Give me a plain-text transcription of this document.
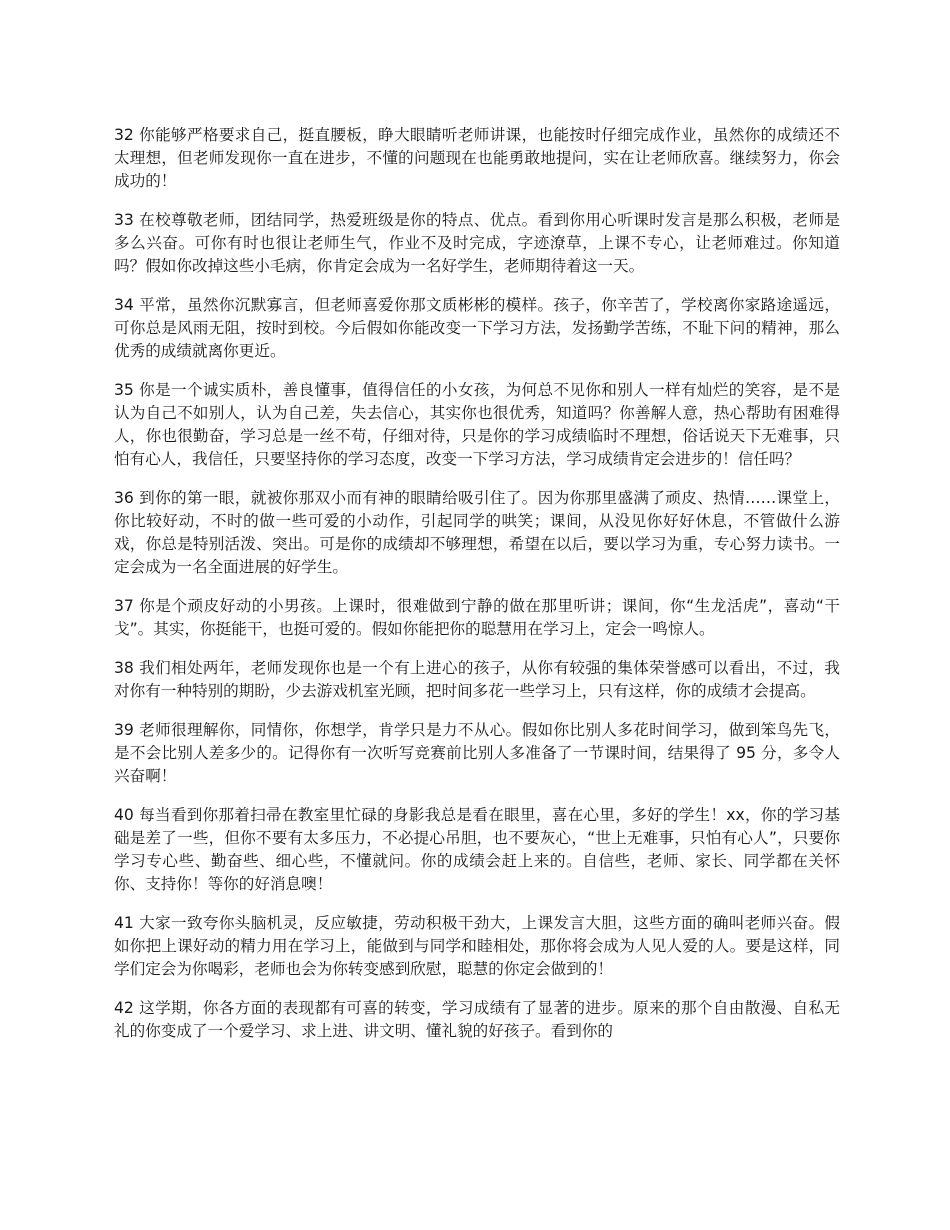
32 你能够严格要求自己，挺直腰板，睁大眼睛听老师讲课，也能按时仔细完成作业，虽然你的成绩还不太理想，但老师发现你一直在进步，不懂的问题现在也能勇敢地提问，实在让老师欣喜。继续努力，你会成功的！

33 在校尊敬老师，团结同学，热爱班级是你的特点、优点。看到你用心听课时发言是那么积极，老师是多么兴奋。可你有时也很让老师生气，作业不及时完成，字迹潦草，上课不专心，让老师难过。你知道吗？假如你改掉这些小毛病，你肯定会成为一名好学生，老师期待着这一天。

34 平常，虽然你沉默寡言，但老师喜爱你那文质彬彬的模样。孩子，你辛苦了，学校离你家路途遥远，可你总是风雨无阻，按时到校。今后假如你能改变一下学习方法，发扬勤学苦练，不耻下问的精神，那么优秀的成绩就离你更近。

35 你是一个诚实质朴，善良懂事，值得信任的小女孩，为何总不见你和别人一样有灿烂的笑容，是不是认为自己不如别人，认为自己差，失去信心，其实你也很优秀，知道吗？你善解人意，热心帮助有困难得人，你也很勤奋，学习总是一丝不苟，仔细对待，只是你的学习成绩临时不理想，俗话说天下无难事，只怕有心人，我信任，只要坚持你的学习态度，改变一下学习方法，学习成绩肯定会进步的！信任吗？

36 到你的第一眼，就被你那双小而有神的眼睛给吸引住了。因为你那里盛满了顽皮、热情……课堂上，你比较好动，不时的做一些可爱的小动作，引起同学的哄笑；课间，从没见你好好休息，不管做什么游戏，你总是特别活泼、突出。可是你的成绩却不够理想，希望在以后，要以学习为重，专心努力读书。一定会成为一名全面进展的好学生。

37 你是个顽皮好动的小男孩。上课时，很难做到宁静的做在那里听讲；课间，你“生龙活虎”，喜动“干戈”。其实，你挺能干，也挺可爱的。假如你能把你的聪慧用在学习上，定会一鸣惊人。

38 我们相处两年，老师发现你也是一个有上进心的孩子，从你有较强的集体荣誉感可以看出，不过，我对你有一种特别的期盼，少去游戏机室光顾，把时间多花一些学习上，只有这样，你的成绩才会提高。

39 老师很理解你，同情你，你想学，肯学只是力不从心。假如你比别人多花时间学习，做到笨鸟先飞，是不会比别人差多少的。记得你有一次听写竞赛前比别人多准备了一节课时间，结果得了 95 分，多令人兴奋啊！

40 每当看到你那着扫帚在教室里忙碌的身影我总是看在眼里，喜在心里，多好的学生！xx，你的学习基础是差了一些，但你不要有太多压力，不必提心吊胆，也不要灰心，“世上无难事，只怕有心人”，只要你学习专心些、勤奋些、细心些，不懂就问。你的成绩会赶上来的。自信些，老师、家长、同学都在关怀你、支持你！等你的好消息噢！

41 大家一致夸你头脑机灵，反应敏捷，劳动积极干劲大，上课发言大胆，这些方面的确叫老师兴奋。假如你把上课好动的精力用在学习上，能做到与同学和睦相处，那你将会成为人见人爱的人。要是这样，同学们定会为你喝彩，老师也会为你转变感到欣慰，聪慧的你定会做到的！

42 这学期，你各方面的表现都有可喜的转变，学习成绩有了显著的进步。原来的那个自由散漫、自私无礼的你变成了一个爱学习、求上进、讲文明、懂礼貌的好孩子。看到你的
